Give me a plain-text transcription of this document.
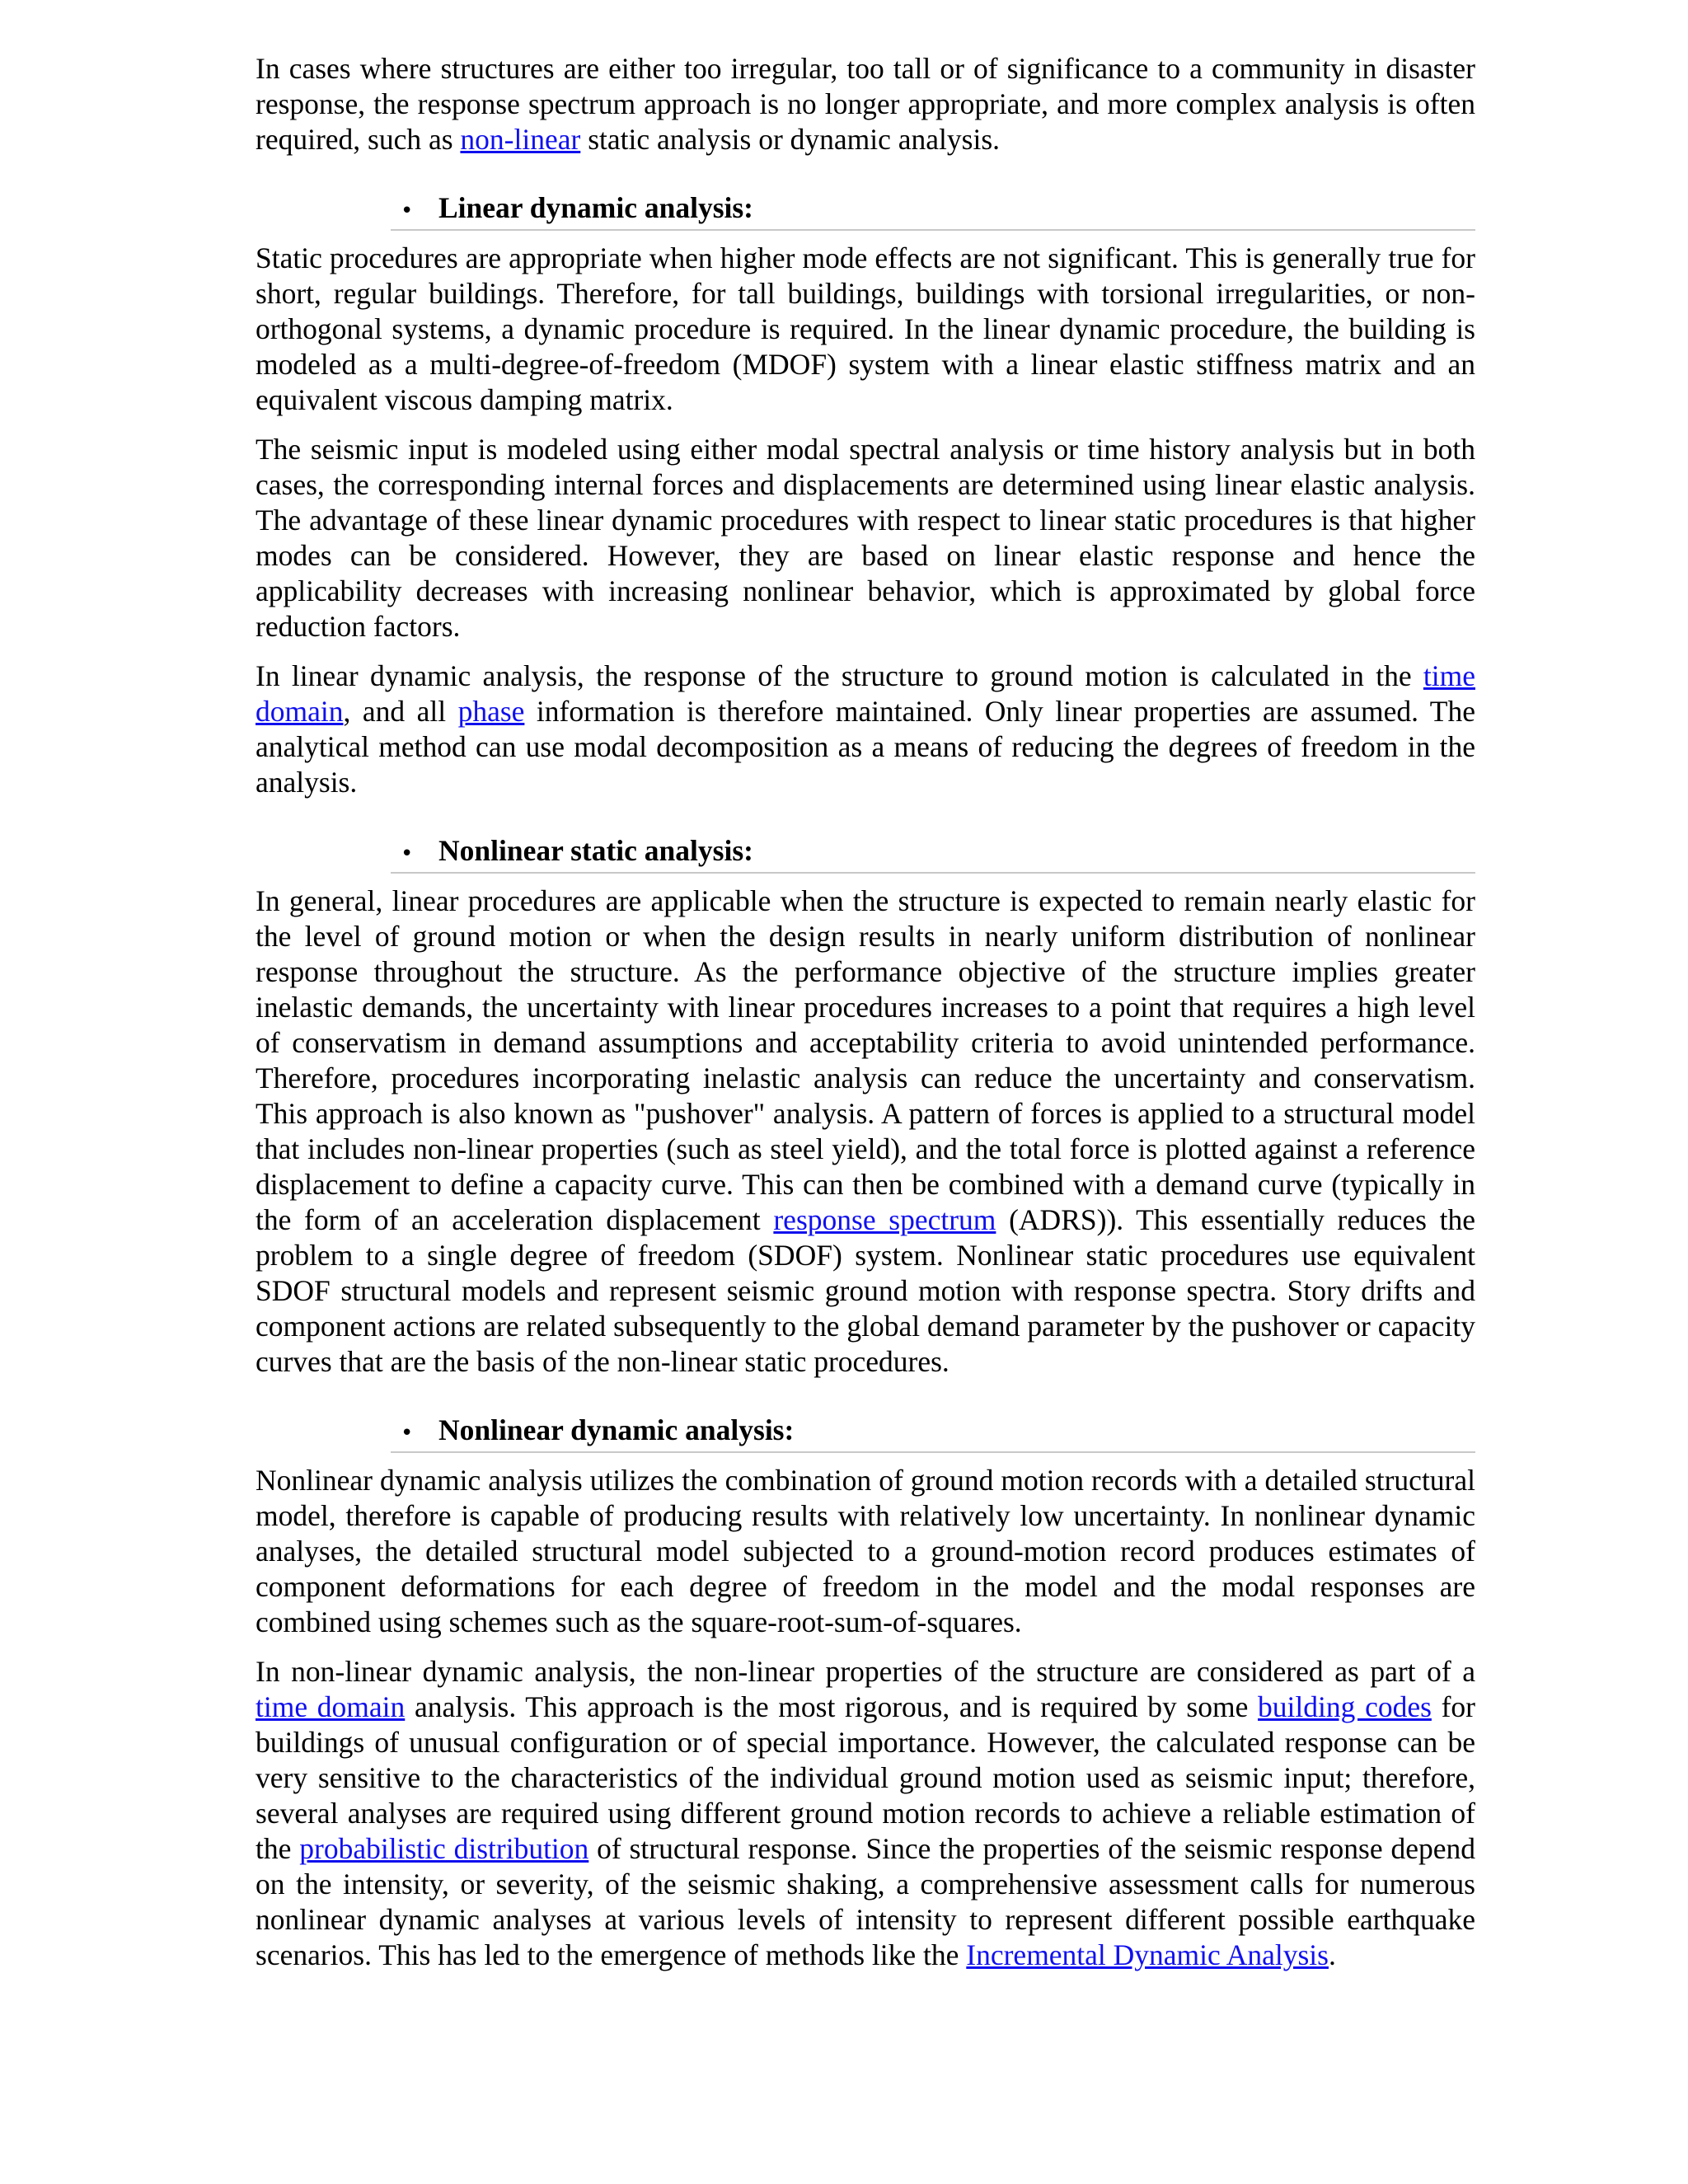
In cases where structures are either too irregular, too tall or of significance to a community in disaster response, the response spectrum approach is no longer appropriate, and more complex analysis is often required, such as non-linear static analysis or dynamic analysis.

• Linear dynamic analysis:

Static procedures are appropriate when higher mode effects are not significant. This is generally true for short, regular buildings. Therefore, for tall buildings, buildings with torsional irregularities, or non-orthogonal systems, a dynamic procedure is required. In the linear dynamic procedure, the building is modeled as a multi-degree-of-freedom (MDOF) system with a linear elastic stiffness matrix and an equivalent viscous damping matrix.

The seismic input is modeled using either modal spectral analysis or time history analysis but in both cases, the corresponding internal forces and displacements are determined using linear elastic analysis. The advantage of these linear dynamic procedures with respect to linear static procedures is that higher modes can be considered. However, they are based on linear elastic response and hence the applicability decreases with increasing nonlinear behavior, which is approximated by global force reduction factors.

In linear dynamic analysis, the response of the structure to ground motion is calculated in the time domain, and all phase information is therefore maintained. Only linear properties are assumed. The analytical method can use modal decomposition as a means of reducing the degrees of freedom in the analysis.

• Nonlinear static analysis:

In general, linear procedures are applicable when the structure is expected to remain nearly elastic for the level of ground motion or when the design results in nearly uniform distribution of nonlinear response throughout the structure. As the performance objective of the structure implies greater inelastic demands, the uncertainty with linear procedures increases to a point that requires a high level of conservatism in demand assumptions and acceptability criteria to avoid unintended performance. Therefore, procedures incorporating inelastic analysis can reduce the uncertainty and conservatism. This approach is also known as "pushover" analysis. A pattern of forces is applied to a structural model that includes non-linear properties (such as steel yield), and the total force is plotted against a reference displacement to define a capacity curve. This can then be combined with a demand curve (typically in the form of an acceleration displacement response spectrum (ADRS)). This essentially reduces the problem to a single degree of freedom (SDOF) system. Nonlinear static procedures use equivalent SDOF structural models and represent seismic ground motion with response spectra. Story drifts and component actions are related subsequently to the global demand parameter by the pushover or capacity curves that are the basis of the non-linear static procedures.

• Nonlinear dynamic analysis:

Nonlinear dynamic analysis utilizes the combination of ground motion records with a detailed structural model, therefore is capable of producing results with relatively low uncertainty. In nonlinear dynamic analyses, the detailed structural model subjected to a ground-motion record produces estimates of component deformations for each degree of freedom in the model and the modal responses are combined using schemes such as the square-root-sum-of-squares.

In non-linear dynamic analysis, the non-linear properties of the structure are considered as part of a time domain analysis. This approach is the most rigorous, and is required by some building codes for buildings of unusual configuration or of special importance. However, the calculated response can be very sensitive to the characteristics of the individual ground motion used as seismic input; therefore, several analyses are required using different ground motion records to achieve a reliable estimation of the probabilistic distribution of structural response. Since the properties of the seismic response depend on the intensity, or severity, of the seismic shaking, a comprehensive assessment calls for numerous nonlinear dynamic analyses at various levels of intensity to represent different possible earthquake scenarios. This has led to the emergence of methods like the Incremental Dynamic Analysis.
